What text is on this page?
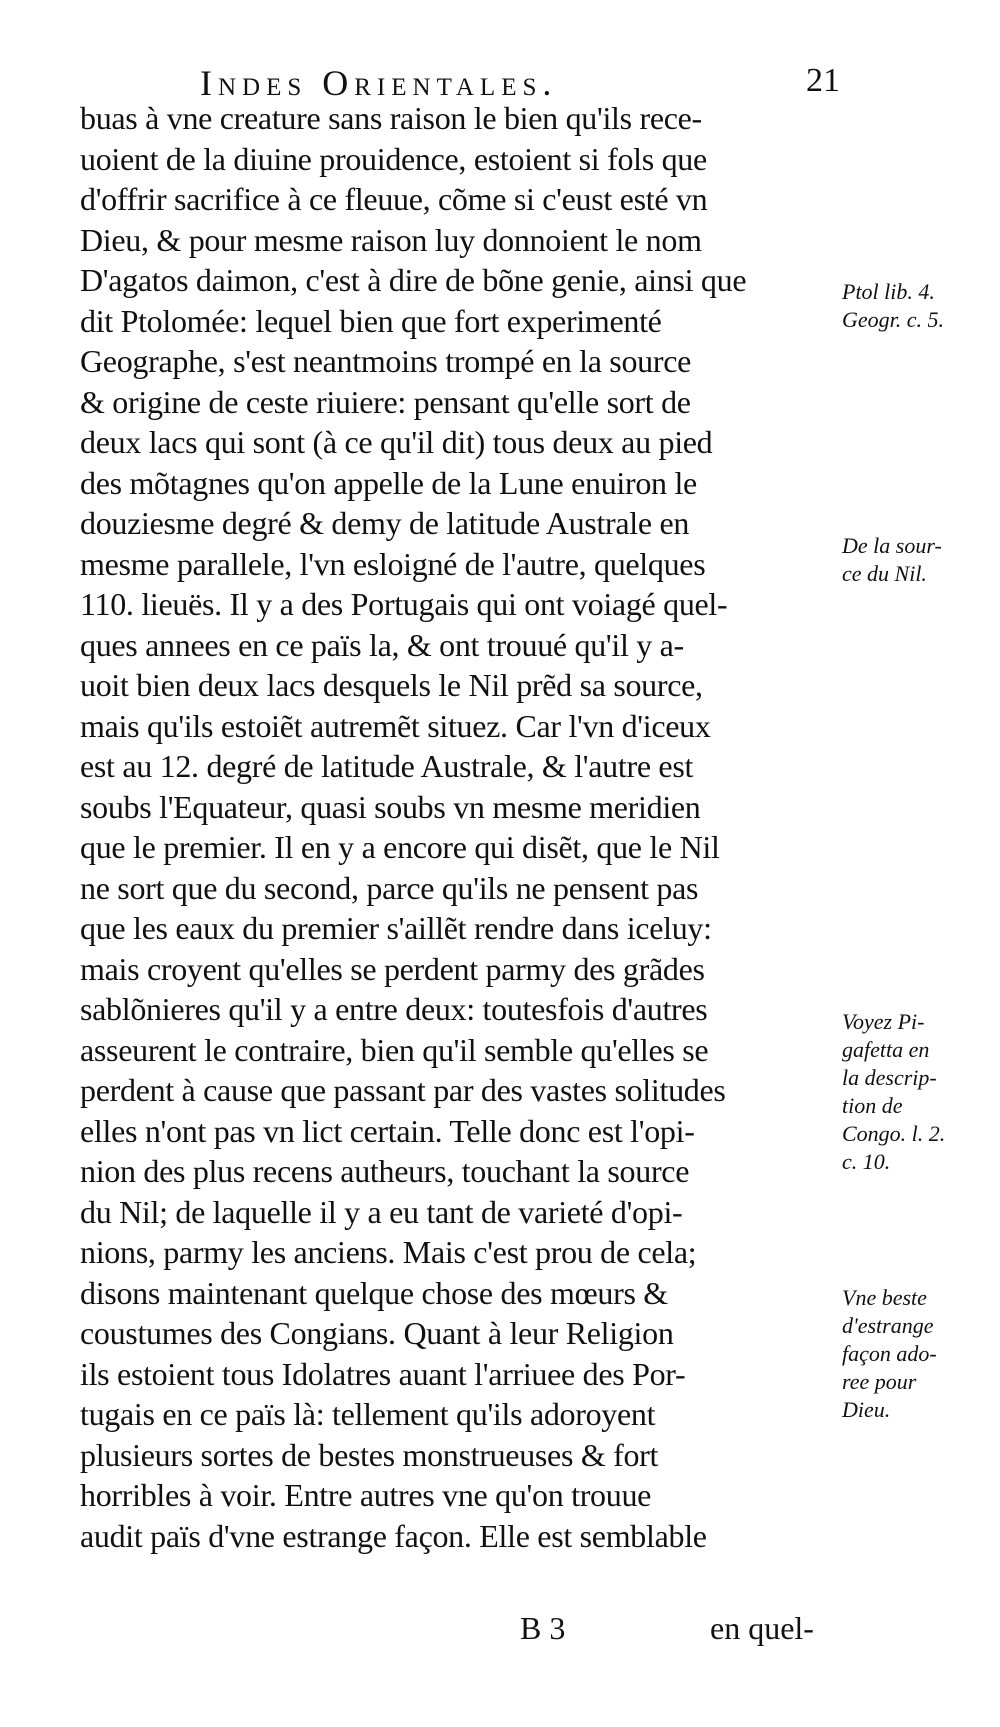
Indes Orientales.	21
buas à vne creature sans raison le bien qu'ils rece-
uoient de la diuine prouidence, estoient si fols que
d'offrir sacrifice à ce fleuue, cõme si c'eust esté vn
Dieu, & pour mesme raison luy donnoient le nom
D'agatos daimon, c'est à dire de bõne genie, ainsi que
dit Ptolomée: lequel bien que fort experimenté
Geographe, s'est neantmoins trompé en la source
& origine de ceste riuiere: pensant qu'elle sort de
deux lacs qui sont (à ce qu'il dit) tous deux au pied
des mõtagnes qu'on appelle de la Lune enuiron le
douziesme degré & demy de latitude Australe en
mesme parallele, l'vn esloigné de l'autre, quelques
110. lieuës. Il y a des Portugais qui ont voiagé quel-
ques annees en ce païs la, & ont trouué qu'il y a-
uoit bien deux lacs desquels le Nil prẽd sa source,
mais qu'ils estoiẽt autremẽt situez. Car l'vn d'iceux
est au 12. degré de latitude Australe, & l'autre est
soubs l'Equateur, quasi soubs vn mesme meridien
que le premier. Il en y a encore qui disẽt, que le Nil
ne sort que du second, parce qu'ils ne pensent pas
que les eaux du premier s'aillẽt rendre dans iceluy:
mais croyent qu'elles se perdent parmy des grãdes
sablõnieres qu'il y a entre deux: toutesfois d'autres
asseurent le contraire, bien qu'il semble qu'elles se
perdent à cause que passant par des vastes solitudes
elles n'ont pas vn lict certain. Telle donc est l'opi-
nion des plus recens autheurs, touchant la source
du Nil; de laquelle il y a eu tant de varieté d'opi-
nions, parmy les anciens. Mais c'est prou de cela;
disons maintenant quelque chose des mœurs &
coustumes des Congians. Quant à leur Religion
ils estoient tous Idolatres auant l'arriuee des Por-
tugais en ce païs là: tellement qu'ils adoroyent
plusieurs sortes de bestes monstrueuses & fort
horribles à voir. Entre autres vne qu'on trouue
audit païs d'vne estrange façon. Elle est semblable
Ptol lib. 4.
Geogr. c. 5.
De la sour-
ce du Nil.
Voyez Pi-
gafetta en
la descrip-
tion de
Congo. l. 2.
c. 10.
Vne beste
d'estrange
façon ado-
ree pour
Dieu.
B 3	en quel-
